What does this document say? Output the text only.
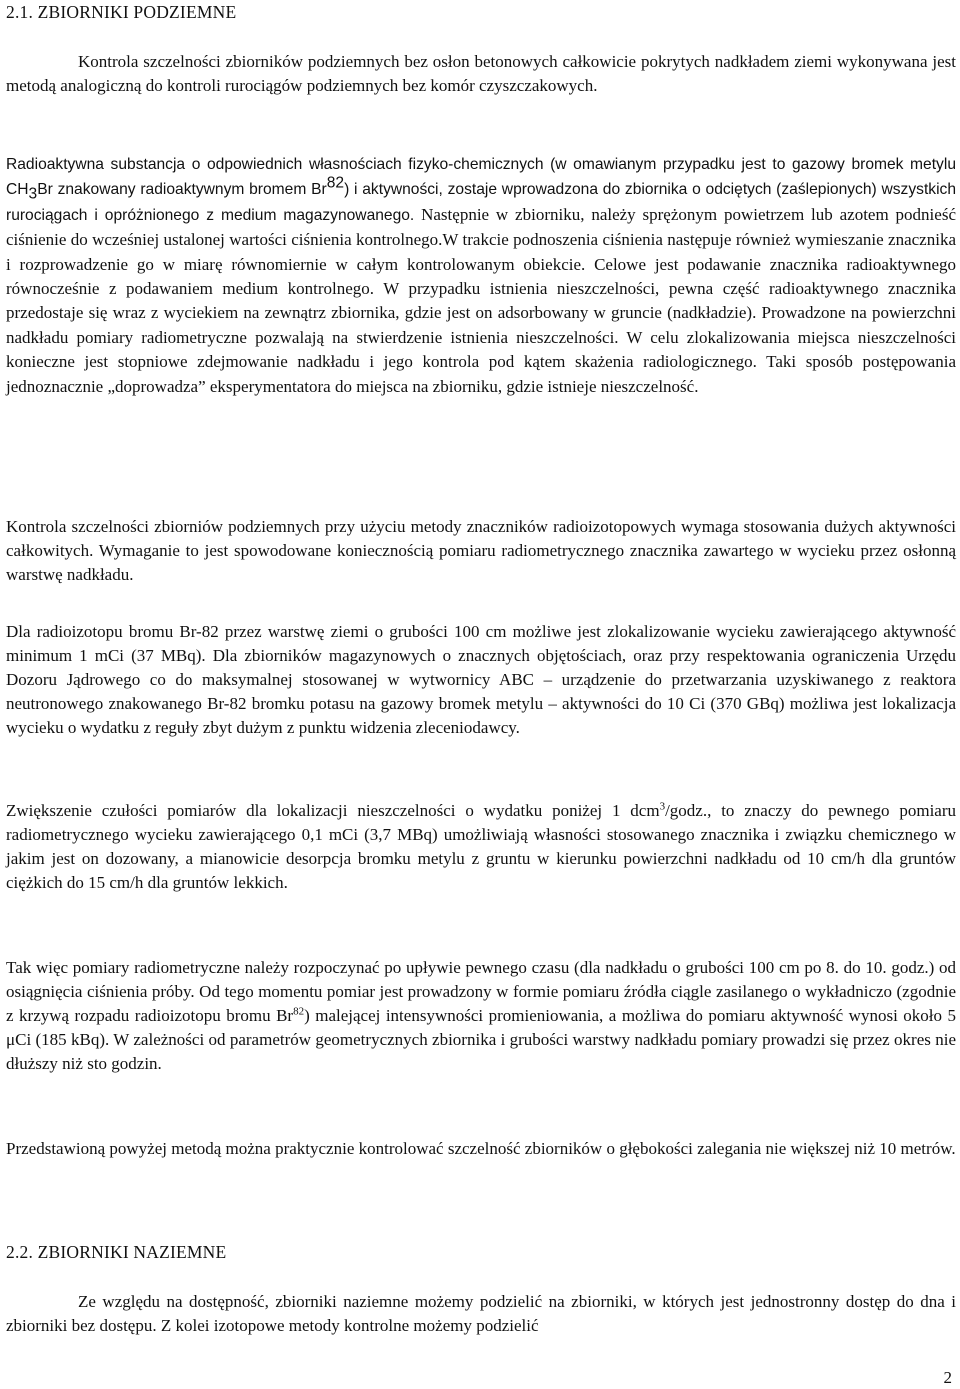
2.1. ZBIORNIKI PODZIEMNE

Kontrola szczelności zbiorników podziemnych bez osłon betonowych całkowicie pokrytych nadkładem ziemi wykonywana jest metodą analogiczną do kontroli rurociągów podziemnych bez komór czyszczakowych.

Radioaktywna substancja o odpowiednich własnościach fizyko-chemicznych (w omawianym przypadku jest to gazowy bromek metylu $CH_3Br$ znakowany radioaktywnym bromem Br$^{82}$) i aktywności, zostaje wprowadzona do zbiornika o odciętych (zaślepionych) wszystkich rurociągach i opróżnionego z medium magazynowanego. Następnie w zbiorniku, należy sprężonym powietrzem lub azotem podnieść ciśnienie do wcześniej ustalonej wartości ciśnienia kontrolnego.W trakcie podnoszenia ciśnienia następuje również wymieszanie znacznika i rozprowadzenie go w miarę równomiernie w całym kontrolowanym obiekcie. Celowe jest podawanie znacznika radioaktywnego równocześnie z podawaniem medium kontrolnego. W przypadku istnienia nieszczelności, pewna część radioaktywnego znacznika przedostaje się wraz z wyciekiem na zewnątrz zbiornika, gdzie jest on adsorbowany w gruncie (nadkładzie). Prowadzone na powierzchni nadkładu pomiary radiometryczne pozwalają na stwierdzenie istnienia nieszczelności. W celu zlokalizowania miejsca nieszczelności konieczne jest stopniowe zdejmowanie nadkładu i jego kontrola pod kątem skażenia radiologicznego. Taki sposób postępowania jednoznacznie „doprowadza” eksperymentatora do miejsca na zbiorniku, gdzie istnieje nieszczelność.

Kontrola szczelności zbiorniów podziemnych przy użyciu metody znaczników radioizotopowych wymaga stosowania dużych aktywności całkowitych. Wymaganie to jest spowodowane koniecznością pomiaru radiometrycznego znacznika zawartego w wycieku przez osłonną warstwę nadkładu.

Dla radioizotopu bromu Br-82 przez warstwę ziemi o grubości 100 cm możliwe jest zlokalizowanie wycieku zawierającego aktywność minimum 1 mCi (37 MBq). Dla zbiorników magazynowych o znacznych objętościach, oraz przy respektowania ograniczenia Urzędu Dozoru Jądrowego co do maksymalnej stosowanej w wytwornicy ABC – urządzenie do przetwarzania uzyskiwanego z reaktora neutronowego znakowanego Br-82 bromku potasu na gazowy bromek metylu – aktywności do 10 Ci (370 GBq) możliwa jest lokalizacja wycieku o wydatku z reguły zbyt dużym z punktu widzenia zleceniodawcy.

Zwiększenie czułości pomiarów dla lokalizacji nieszczelności o wydatku poniżej 1 dcm$^3$/godz., to znaczy do pewnego pomiaru radiometrycznego wycieku zawierającego 0,1 mCi (3,7 MBq) umożliwiają własności stosowanego znacznika i związku chemicznego w jakim jest on dozowany, a mianowicie desorpcja bromku metylu z gruntu w kierunku powierzchni nadkładu od 10 cm/h dla gruntów ciężkich do 15 cm/h dla gruntów lekkich.

Tak więc pomiary radiometryczne należy rozpoczynać po upływie pewnego czasu (dla nadkładu o grubości 100 cm po 8. do 10. godz.) od osiągnięcia ciśnienia próby. Od tego momentu pomiar jest prowadzony w formie pomiaru źródła ciągle zasilanego o wykładniczo (zgodnie z krzywą rozpadu radioizotopu bromu Br$^{82}$) malejącej intensywności promieniowania, a możliwa do pomiaru aktywność wynosi około 5 μCi (185 kBq). W zależności od parametrów geometrycznych zbiornika i grubości warstwy nadkładu pomiary prowadzi się przez okres nie dłuższy niż sto godzin.

Przedstawioną powyżej metodą można praktycznie kontrolować szczelność zbiorników o głębokości zalegania nie większej niż 10 metrów.

2.2. ZBIORNIKI NAZIEMNE

Ze względu na dostępność, zbiorniki naziemne możemy podzielić na zbiorniki, w których jest jednostronny dostęp do dna i zbiorniki bez dostępu. Z kolei izotopowe metody kontrolne możemy podzielić

2
